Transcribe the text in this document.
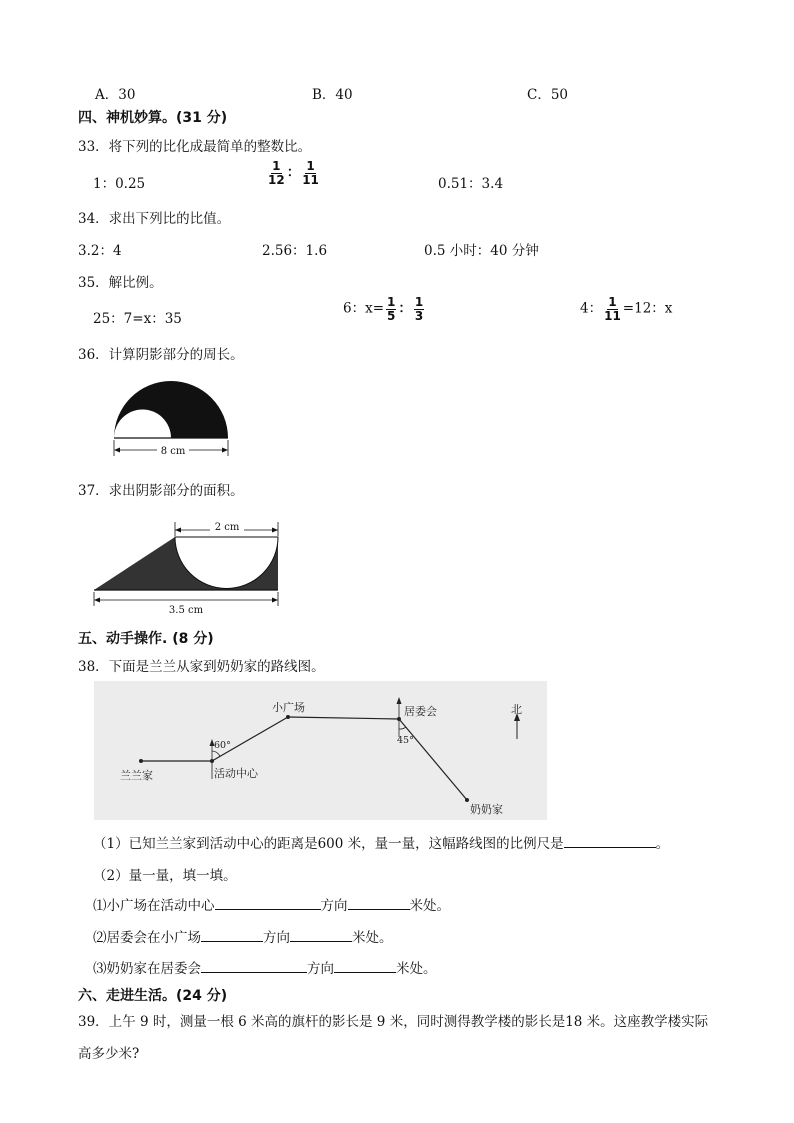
A．30	B．40	C．50
四、神机妙算。(31 分)
33．将下列的比化成最简单的整数比。
1：0.25	$\frac{1}{12}$ ： $\frac{1}{11}$	0.51：3.4
34．求出下列比的比值。
3.2：4	2.56：1.6	0.5 小时：40 分钟
35．解比例。
25：7=x：35
6：$x= \frac{1}{5}$ ： $\frac{1}{3}$	4： $\frac{1}{11} =12$：x
36．计算阴影部分的周长。
8 cm
37．求出阴影部分的面积。
2 cm
3.5 cm
五、动手操作. (8 分)
38．下面是兰兰从家到奶奶家的路线图。
兰兰家	活动中心
小广场	居委会
奶奶家
北
60°	45°
（1）已知兰兰家到活动中心的距离是600 米，量一量，这幅路线图的比例尺是	。
（2）量一量，填一填。
⑴小广场在活动中心	方向	米处。
⑵居委会在小广场	方向	米处。
⑶奶奶家在居委会	方向	米处。
六、走进生活。(24 分)
39．上午 9 时，测量一根 6 米高的旗杆的影长是 9 米，同时测得教学楼的影长是18 米。这座教学楼实际
高多少米?
